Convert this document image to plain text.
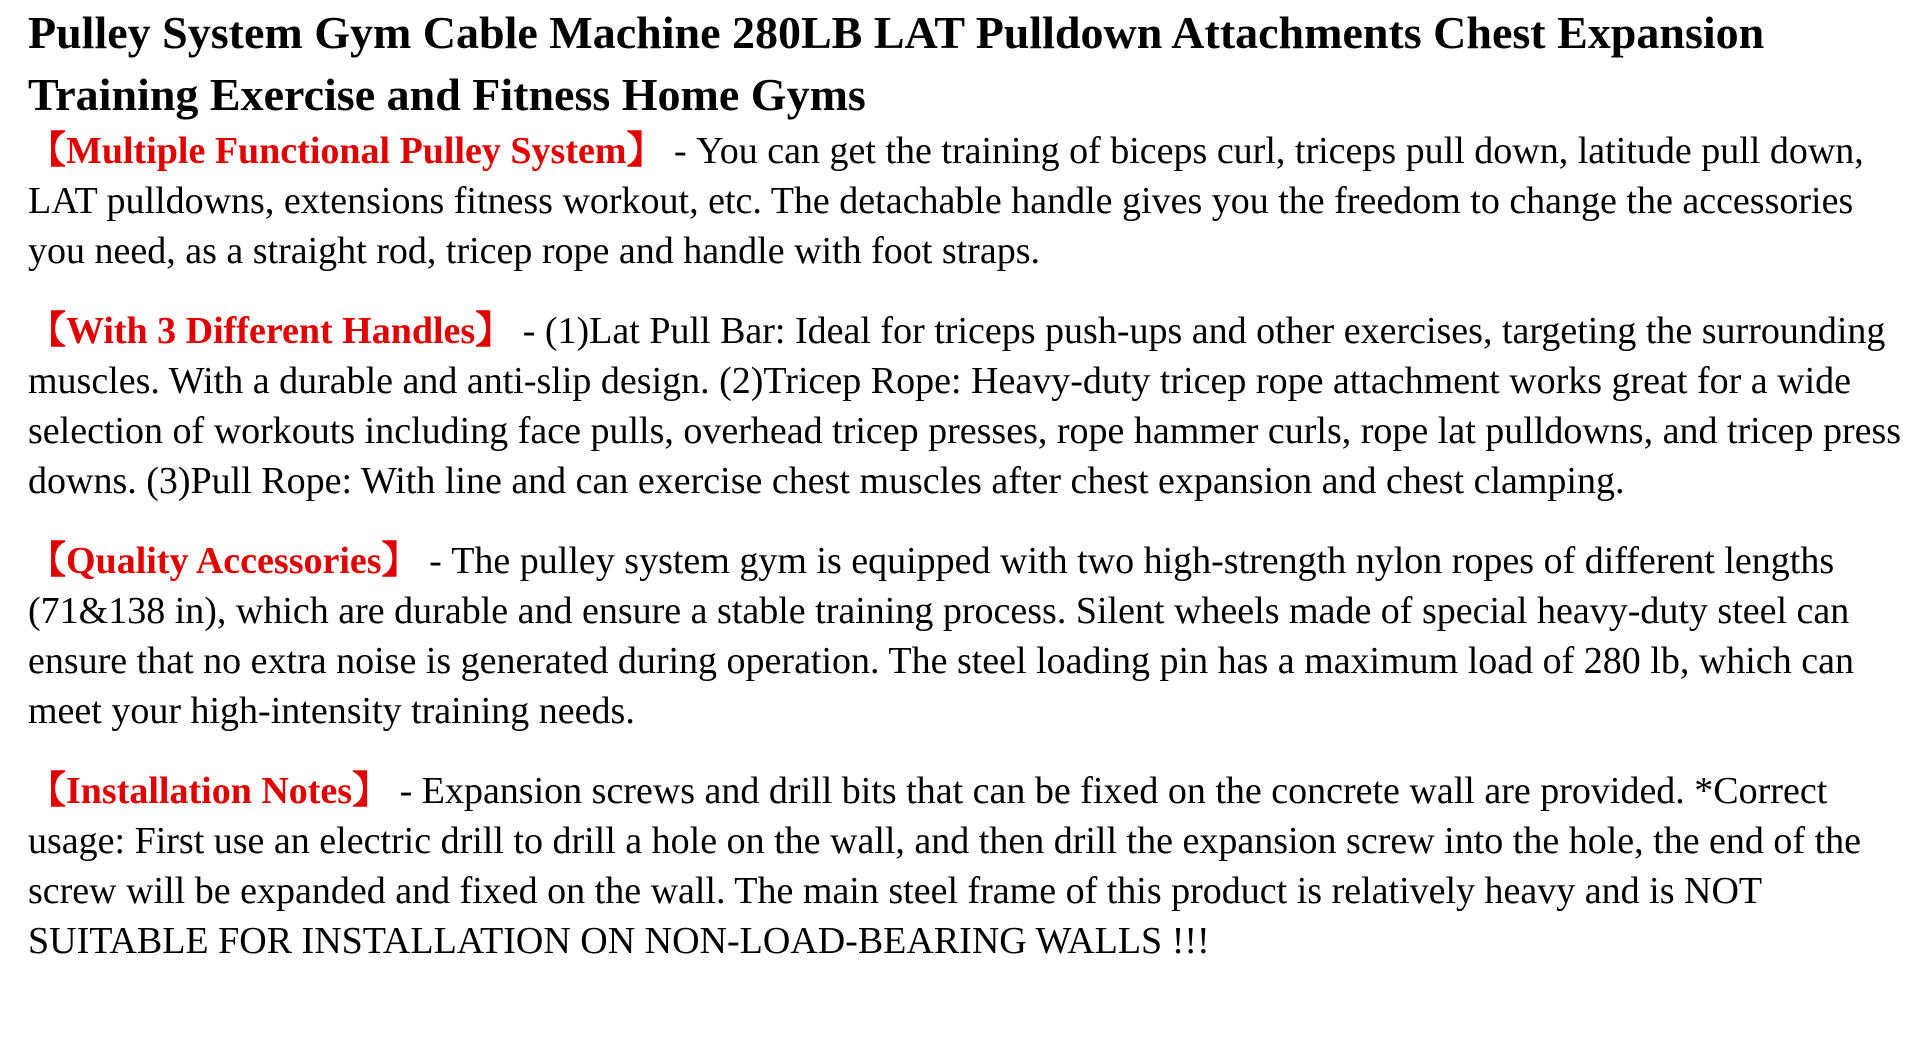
Pulley System Gym Cable Machine 280LB LAT Pulldown Attachments Chest Expansion Training Exercise and Fitness Home Gyms

【Multiple Functional Pulley System】 - You can get the training of biceps curl, triceps pull down, latitude pull down, LAT pulldowns, extensions fitness workout, etc. The detachable handle gives you the freedom to change the accessories you need, as a straight rod, tricep rope and handle with foot straps.

【With 3 Different Handles】 - (1)Lat Pull Bar: Ideal for triceps push-ups and other exercises, targeting the surrounding muscles. With a durable and anti-slip design. (2)Tricep Rope: Heavy-duty tricep rope attachment works great for a wide selection of workouts including face pulls, overhead tricep presses, rope hammer curls, rope lat pulldowns, and tricep press downs. (3)Pull Rope: With line and can exercise chest muscles after chest expansion and chest clamping.

【Quality Accessories】 - The pulley system gym is equipped with two high-strength nylon ropes of different lengths (71&138 in), which are durable and ensure a stable training process. Silent wheels made of special heavy-duty steel can ensure that no extra noise is generated during operation. The steel loading pin has a maximum load of 280 lb, which can meet your high-intensity training needs.

【Installation Notes】 - Expansion screws and drill bits that can be fixed on the concrete wall are provided. *Correct usage: First use an electric drill to drill a hole on the wall, and then drill the expansion screw into the hole, the end of the screw will be expanded and fixed on the wall. The main steel frame of this product is relatively heavy and is NOT SUITABLE FOR INSTALLATION ON NON-LOAD-BEARING WALLS !!!
